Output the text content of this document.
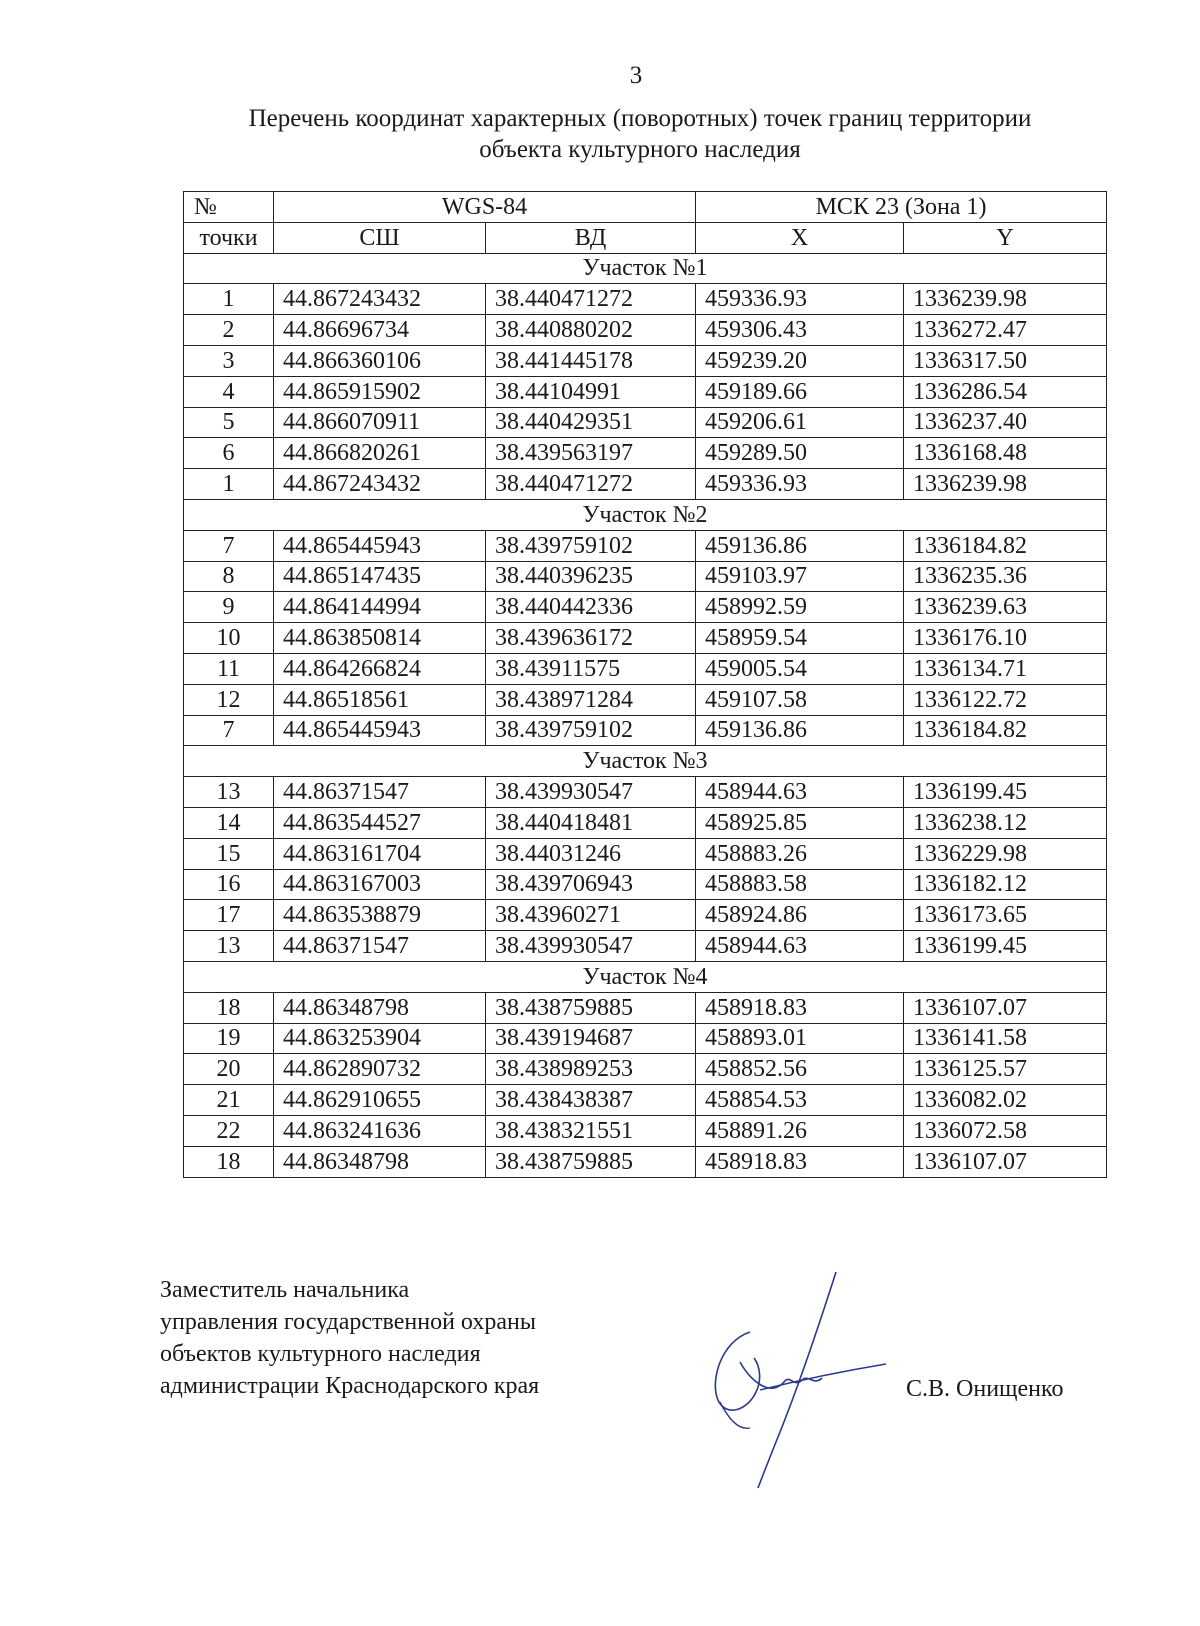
3
Перечень координат характерных (поворотных) точек границ территории
объекта культурного наследия
№	WGS-84		МСК 23 (Зона 1)	
точки	СШ	ВД	X	Y
Участок №1				
1	44.867243432	38.440471272	459336.93	1336239.98
2	44.86696734	38.440880202	459306.43	1336272.47
3	44.866360106	38.441445178	459239.20	1336317.50
4	44.865915902	38.44104991	459189.66	1336286.54
5	44.866070911	38.440429351	459206.61	1336237.40
6	44.866820261	38.439563197	459289.50	1336168.48
1	44.867243432	38.440471272	459336.93	1336239.98
Участок №2				
7	44.865445943	38.439759102	459136.86	1336184.82
8	44.865147435	38.440396235	459103.97	1336235.36
9	44.864144994	38.440442336	458992.59	1336239.63
10	44.863850814	38.439636172	458959.54	1336176.10
11	44.864266824	38.43911575	459005.54	1336134.71
12	44.86518561	38.438971284	459107.58	1336122.72
7	44.865445943	38.439759102	459136.86	1336184.82
Участок №3				
13	44.86371547	38.439930547	458944.63	1336199.45
14	44.863544527	38.440418481	458925.85	1336238.12
15	44.863161704	38.44031246	458883.26	1336229.98
16	44.863167003	38.439706943	458883.58	1336182.12
17	44.863538879	38.43960271	458924.86	1336173.65
13	44.86371547	38.439930547	458944.63	1336199.45
Участок №4				
18	44.86348798	38.438759885	458918.83	1336107.07
19	44.863253904	38.439194687	458893.01	1336141.58
20	44.862890732	38.438989253	458852.56	1336125.57
21	44.862910655	38.438438387	458854.53	1336082.02
22	44.863241636	38.438321551	458891.26	1336072.58
18	44.86348798	38.438759885	458918.83	1336107.07
Заместитель начальника
управления государственной охраны
объектов культурного наследия
администрации Краснодарского края	С.В. Онищенко
